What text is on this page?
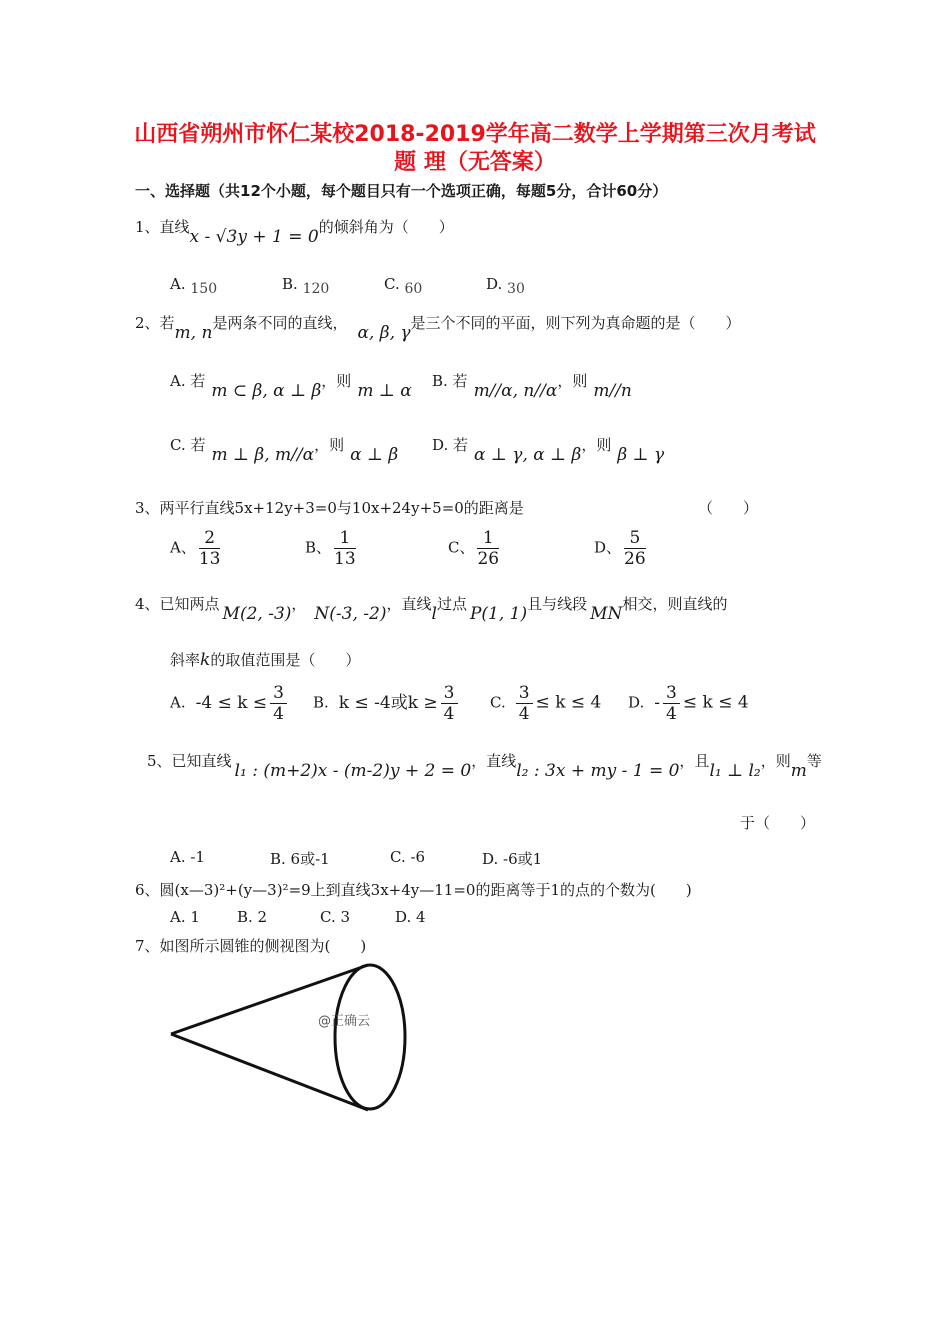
山西省朔州市怀仁某校2018-2019学年高二数学上学期第三次月考试
题 理（无答案）
一、选择题（共12个小题，每个题目只有一个选项正确，每题5分，合计60分）
1、直线x - √3y + 1 = 0的倾斜角为（　　）
A. 150	B. 120	C. 60	D. 30
2、若m, n是两条不同的直线， α, β, γ是三个不同的平面，则下列为真命题的是（　　）
A. 若 m ⊂ β, α ⊥ β，则 m ⊥ α B. 若 m//α, n//α，则 m//n
C. 若 m ⊥ β, m//α，则 α ⊥ β D. 若 α ⊥ γ, α ⊥ β，则 β ⊥ γ
3、两平行直线5x+12y+3=0与10x+24y+5=0的距离是	（　　）
A、 $\frac{2}{13}$	B、 $\frac{1}{13}$	C、 $\frac{1}{26}$	D、 $\frac{5}{26}$
4、已知两点 M(2, -3)， N(-3, -2)，直线l过点 P(1, 1)且与线段 MN相交，则直线的
斜率k的取值范围是（　　）
A. $-4 \le k \le \frac{3}{4} B$. k ≤ -4或$k \ge \frac{3}{4} C$. $\frac{3}{4} \le k \le 4$ D. - $\frac{3}{4} \le k \le 4$
5、已知直线 l₁ : (m+2)x - (m-2)y + 2 = 0，直线l₂ : 3x + my - 1 = 0，且l₁ ⊥ l₂，则m等
于（　　）
A. -1	B. 6或-1	C. -6	D. -6或1
6、圆(x—3)²+(y—3)²=9上到直线3x+4y—11=0的距离等于1的点的个数为(　　)
A. 1 B. 2	C. 3	D. 4
7、如图所示圆锥的侧视图为(　　)
@正确云
